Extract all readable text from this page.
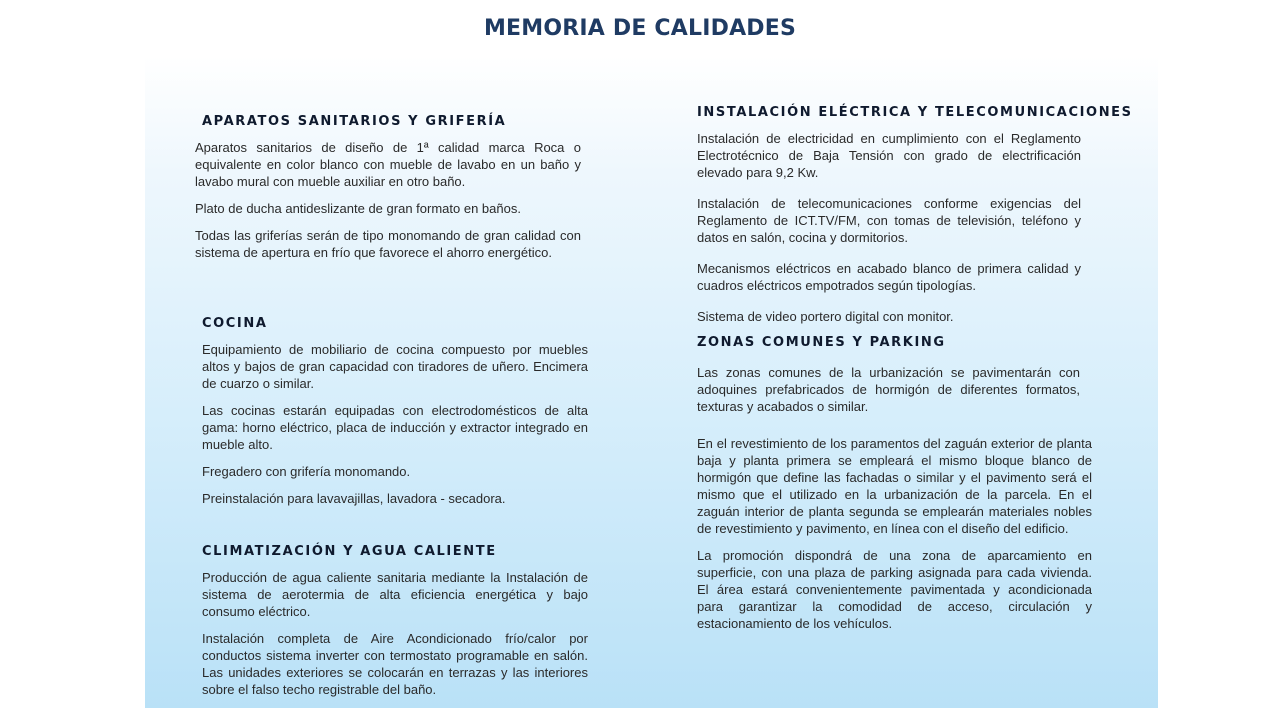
MEMORIA DE CALIDADES
APARATOS SANITARIOS Y GRIFERÍA

Aparatos sanitarios de diseño de 1ª calidad marca Roca o equivalente en color blanco con mueble de lavabo en un baño y lavabo mural con mueble auxiliar en otro baño.

Plato de ducha antideslizante de gran formato en baños.

Todas las griferías serán de tipo monomando de gran calidad con sistema de apertura en frío que favorece el ahorro energético.

COCINA

Equipamiento de mobiliario de cocina compuesto por muebles altos y bajos de gran capacidad con tiradores de uñero. Encimera de cuarzo o similar.

Las cocinas estarán equipadas con electrodomésticos de alta gama: horno eléctrico, placa de inducción y extractor integrado en mueble alto.

Fregadero con grifería monomando.

Preinstalación para lavavajillas, lavadora - secadora.

CLIMATIZACIÓN Y AGUA CALIENTE

Producción de agua caliente sanitaria mediante la Instalación de sistema de aerotermia de alta eficiencia energética y bajo consumo eléctrico.

Instalación completa de Aire Acondicionado frío/calor por conductos sistema inverter con termostato programable en salón. Las unidades exteriores se colocarán en terrazas y las interiores sobre el falso techo registrable del baño.

INSTALACIÓN ELÉCTRICA Y TELECOMUNICACIONES

Instalación de electricidad en cumplimiento con el Reglamento Electrotécnico de Baja Tensión con grado de electrificación elevado para 9,2 Kw.

Instalación de telecomunicaciones conforme exigencias del Reglamento de ICT.TV/FM, con tomas de televisión, teléfono y datos en salón, cocina y dormitorios.

Mecanismos eléctricos en acabado blanco de primera calidad y cuadros eléctricos empotrados según tipologías.

Sistema de video portero digital con monitor.

ZONAS COMUNES Y PARKING

Las zonas comunes de la urbanización se pavimentarán con adoquines prefabricados de hormigón de diferentes formatos, texturas y acabados o similar.

En el revestimiento de los paramentos del zaguán exterior de planta baja y planta primera se empleará el mismo bloque blanco de hormigón que define las fachadas o similar y el pavimento será el mismo que el utilizado en la urbanización de la parcela. En el zaguán interior de planta segunda se emplearán materiales nobles de revestimiento y pavimento, en línea con el diseño del edificio.

La promoción dispondrá de una zona de aparcamiento en superficie, con una plaza de parking asignada para cada vivienda. El área estará convenientemente pavimentada y acondicionada para garantizar la comodidad de acceso, circulación y estacionamiento de los vehículos.
